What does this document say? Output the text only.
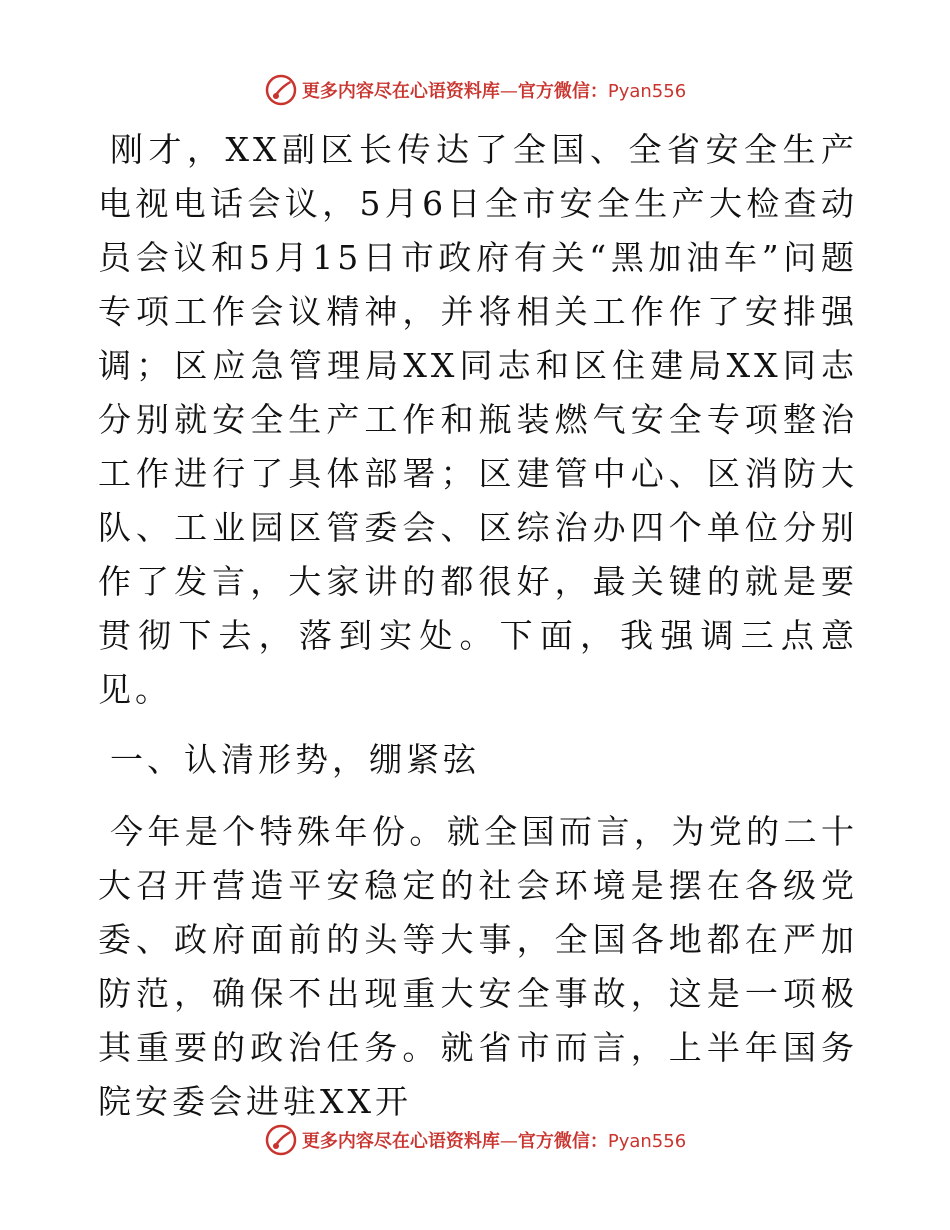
更多内容尽在心语资料库—官方微信：Pyan556

刚才，XX副区长传达了全国、全省安全生产电视电话会议，5月6日全市安全生产大检查动员会议和5月15日市政府有关“黑加油车”问题专项工作会议精神，并将相关工作作了安排强调；区应急管理局XX同志和区住建局XX同志分别就安全生产工作和瓶装燃气安全专项整治工作进行了具体部署；区建管中心、区消防大队、工业园区管委会、区综治办四个单位分别作了发言，大家讲的都很好，最关键的就是要贯彻下去，落到实处。下面，我强调三点意见。

一、认清形势，绷紧弦

今年是个特殊年份。就全国而言，为党的二十大召开营造平安稳定的社会环境是摆在各级党委、政府面前的头等大事，全国各地都在严加防范，确保不出现重大安全事故，这是一项极其重要的政治任务。就省市而言，上半年国务院安委会进驻XX开

更多内容尽在心语资料库—官方微信：Pyan556
